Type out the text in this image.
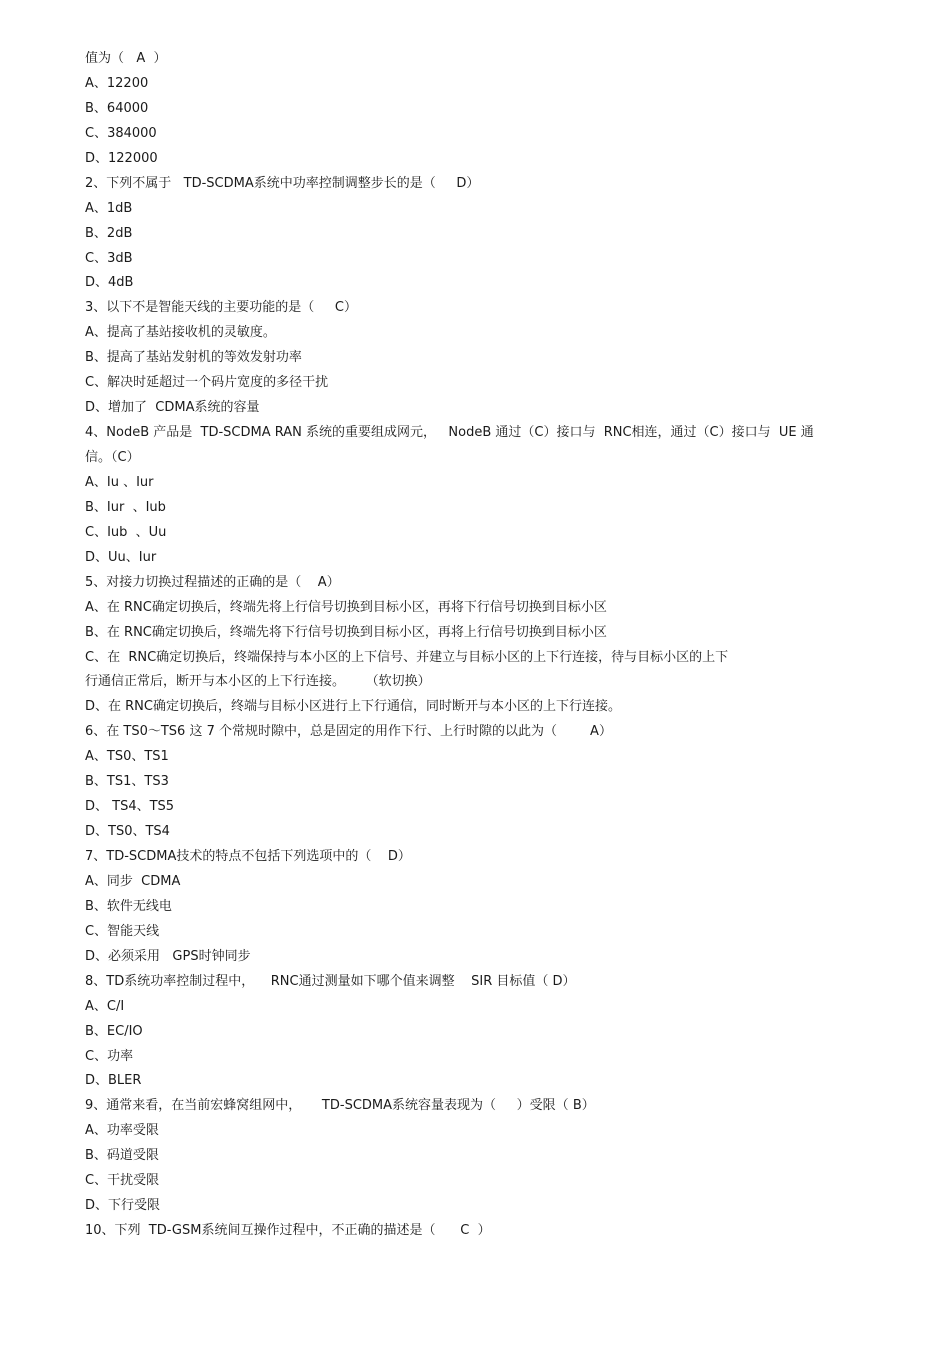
值为（   A  ）
A、12200
B、64000
C、384000
D、122000
2、下列不属于   TD-SCDMA系统中功率控制调整步长的是（     D）
A、1dB
B、2dB
C、3dB
D、4dB
3、以下不是智能天线的主要功能的是（     C）
A、提高了基站接收机的灵敏度。
B、提高了基站发射机的等效发射功率
C、解决时延超过一个码片宽度的多径干扰
D、增加了  CDMA系统的容量
4、NodeB 产品是  TD-SCDMA RAN 系统的重要组成网元，   NodeB 通过（C）接口与  RNC相连，通过（C）接口与  UE 通
信。（C）
A、Iu 、Iur
B、Iur  、Iub
C、Iub  、Uu
D、Uu、Iur
5、对接力切换过程描述的正确的是（    A）
A、在 RNC确定切换后，终端先将上行信号切换到目标小区，再将下行信号切换到目标小区
B、在 RNC确定切换后，终端先将下行信号切换到目标小区，再将上行信号切换到目标小区
C、在  RNC确定切换后，终端保持与本小区的上下信号、并建立与目标小区的上下行连接，待与目标小区的上下
行通信正常后，断开与本小区的上下行连接。     （软切换）
D、在 RNC确定切换后，终端与目标小区进行上下行通信，同时断开与本小区的上下行连接。
6、在 TS0～TS6 这 7 个常规时隙中，总是固定的用作下行、上行时隙的以此为（        A）
A、TS0、TS1
B、TS1、TS3
D、 TS4、TS5
D、TS0、TS4
7、TD-SCDMA技术的特点不包括下列选项中的（    D）
A、同步  CDMA
B、软件无线电
C、智能天线
D、必须采用   GPS时钟同步
8、TD系统功率控制过程中，    RNC通过测量如下哪个值来调整    SIR 目标值（ D）
A、C/I
B、EC/IO
C、功率
D、BLER
9、通常来看，在当前宏蜂窝组网中，     TD-SCDMA系统容量表现为（     ）受限（ B）
A、功率受限
B、码道受限
C、干扰受限
D、下行受限
10、下列  TD-GSM系统间互操作过程中，不正确的描述是（      C  ）
